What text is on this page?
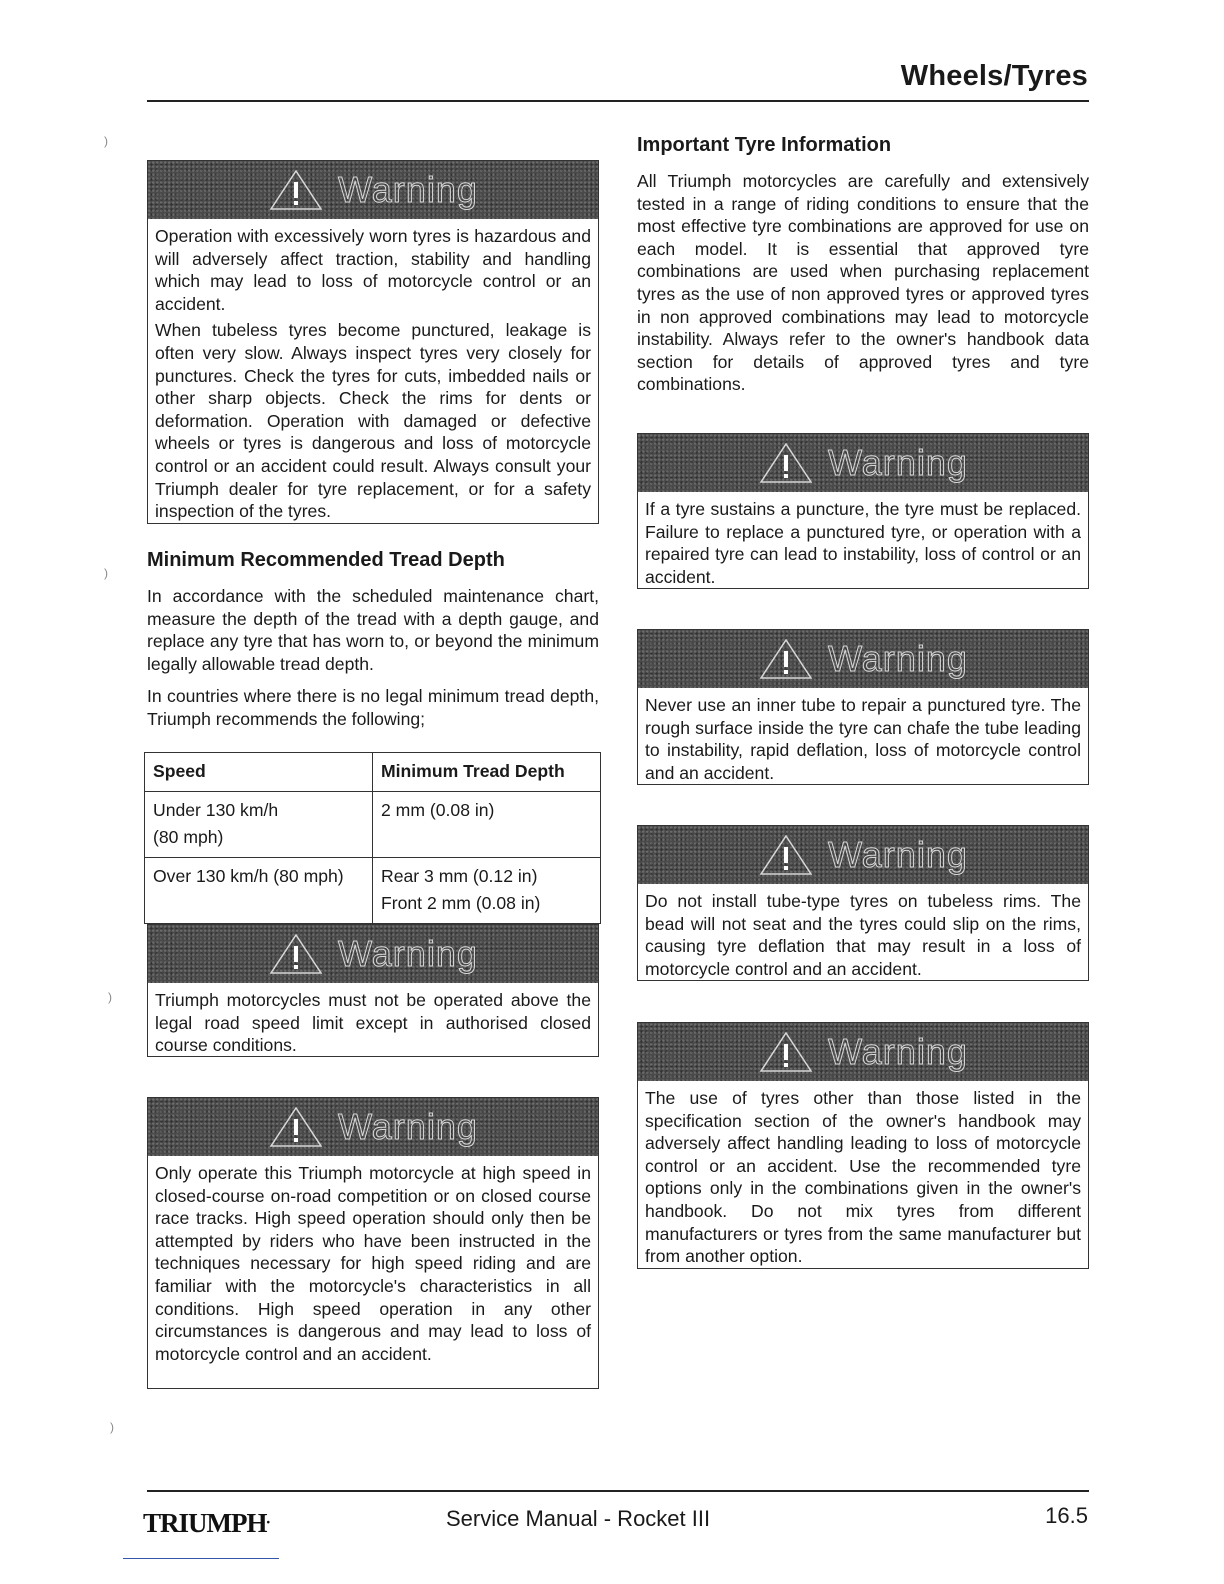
Wheels/Tyres
)
)
)
)
Warning

Operation with excessively worn tyres is hazardous and will adversely affect traction, stability and handling which may lead to loss of motorcycle control or an accident.

When tubeless tyres become punctured, leakage is often very slow. Always inspect tyres very closely for punctures. Check the tyres for cuts, imbedded nails or other sharp objects. Check the rims for dents or deformation. Operation with damaged or defective wheels or tyres is dangerous and loss of motorcycle control or an accident could result. Always consult your Triumph dealer for tyre replacement, or for a safety inspection of the tyres.

Minimum Recommended Tread Depth

In accordance with the scheduled maintenance chart, measure the depth of the tread with a depth gauge, and replace any tyre that has worn to, or beyond the minimum legally allowable tread depth.

In countries where there is no legal minimum tread depth, Triumph recommends the following;

Speed	Minimum Tread Depth

Under 130 km/h
(80 mph)	2 mm (0.08 in)

Over 130 km/h (80 mph)	Rear 3 mm (0.12 in)
Front 2 mm (0.08 in)
Warning

Triumph motorcycles must not be operated above the legal road speed limit except in authorised closed course conditions.

Warning

Only operate this Triumph motorcycle at high speed in closed-course on-road competition or on closed course race tracks. High speed operation should only then be attempted by riders who have been instructed in the techniques necessary for high speed riding and are familiar with the motorcycle's characteristics in all conditions. High speed operation in any other circumstances is dangerous and may lead to loss of motorcycle control and an accident.

Important Tyre Information

All Triumph motorcycles are carefully and extensively tested in a range of riding conditions to ensure that the most effective tyre combinations are approved for use on each model. It is essential that approved tyre combinations are used when purchasing replacement tyres as the use of non approved tyres or approved tyres in non approved combinations may lead to motorcycle instability. Always refer to the owner's handbook data section for details of approved tyres and tyre combinations.

Warning

If a tyre sustains a puncture, the tyre must be replaced. Failure to replace a punctured tyre, or operation with a repaired tyre can lead to instability, loss of control or an accident.

Warning

Never use an inner tube to repair a punctured tyre. The rough surface inside the tyre can chafe the tube leading to instability, rapid deflation, loss of motorcycle control and an accident.

Warning

Do not install tube-type tyres on tubeless rims. The bead will not seat and the tyres could slip on the rims, causing tyre deflation that may result in a loss of motorcycle control and an accident.

Warning

The use of tyres other than those listed in the specification section of the owner's handbook may adversely affect handling leading to loss of motorcycle control or an accident. Use the recommended tyre options only in the combinations given in the owner's handbook. Do not mix tyres from different manufacturers or tyres from the same manufacturer but from another option.

TRIUMPH•	Service Manual - Rocket III	16.5
